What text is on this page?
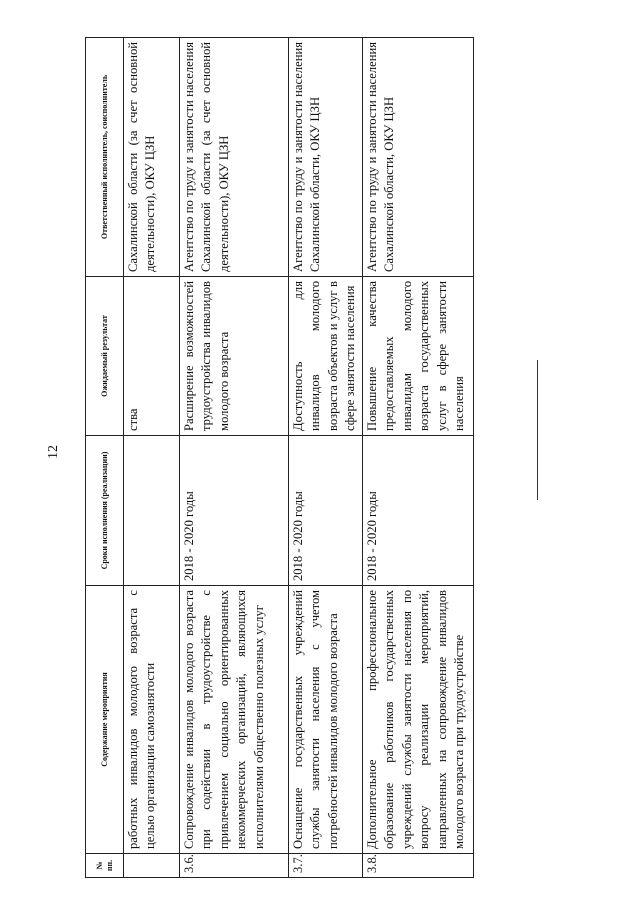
12
№ пп.	Содержание мероприятия	Сроки исполнения (реализации)	Ожидаемый результат	Ответственный исполнитель, соисполнитель
	работных инвалидов молодого возраста с целью организации самозанятости		ства	Сахалинской области (за счет основной деятельности), ОКУ ЦЗН
3.6.	Сопровождение инвалидов молодого возраста при содействии в трудоустройстве с привлечением социально ориентированных некоммерческих организаций, являющихся исполнителями общественно полезных услуг	2018 - 2020 годы	Расширение возможностей трудоустройства инвалидов молодого возраста	Агентство по труду и занятости населения Сахалинской области (за счет основной деятельности), ОКУ ЦЗН
3.7.	Оснащение государственных учреждений службы занятости населения с учетом потребностей инвалидов молодого возраста	2018 - 2020 годы	Доступность для инвалидов молодого возраста объектов и услуг в сфере занятости населения	Агентство по труду и занятости населения Сахалинской области, ОКУ ЦЗН
3.8.	Дополнительное профессиональное образование работников государственных учреждений службы занятости населения по вопросу реализации мероприятий, направленных на сопровождение инвалидов молодого возраста при трудоустройстве	2018 - 2020 годы	Повышение качества предоставляемых инвалидам молодого возраста государственных услуг в сфере занятости населения	Агентство по труду и занятости населения Сахалинской области, ОКУ ЦЗН
